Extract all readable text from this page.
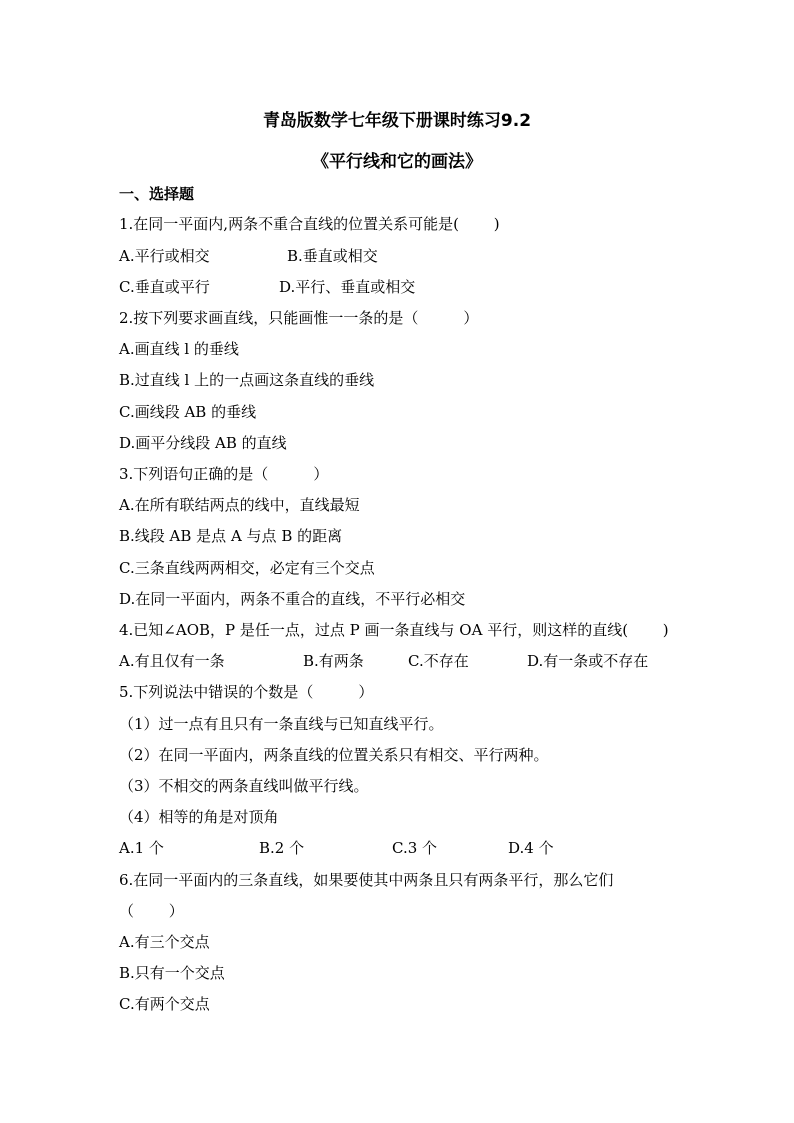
青岛版数学七年级下册课时练习9.2
《平行线和它的画法》
一、选择题
1.在同一平面内,两条不重合直线的位置关系可能是(　　 )
A.平行或相交	B.垂直或相交
C.垂直或平行	D.平行、垂直或相交
2.按下列要求画直线，只能画惟一一条的是（　　　）
A.画直线 l 的垂线
B.过直线 l 上的一点画这条直线的垂线
C.画线段 AB 的垂线
D.画平分线段 AB 的直线
3.下列语句正确的是（　　　）
A.在所有联结两点的线中，直线最短
B.线段 AB 是点 A 与点 B 的距离
C.三条直线两两相交，必定有三个交点
D.在同一平面内，两条不重合的直线，不平行必相交
4.已知∠AOB，P 是任一点，过点 P 画一条直线与 OA 平行，则这样的直线(　　 )
A.有且仅有一条	B.有两条	C.不存在	D.有一条或不存在
5.下列说法中错误的个数是（　　　）
（1）过一点有且只有一条直线与已知直线平行。
（2）在同一平面内，两条直线的位置关系只有相交、平行两种。
（3）不相交的两条直线叫做平行线。
（4）相等的角是对顶角
A.1 个	B.2 个	C.3 个	D.4 个
6.在同一平面内的三条直线，如果要使其中两条且只有两条平行，那么它们
（　　 ）
A.有三个交点
B.只有一个交点
C.有两个交点
